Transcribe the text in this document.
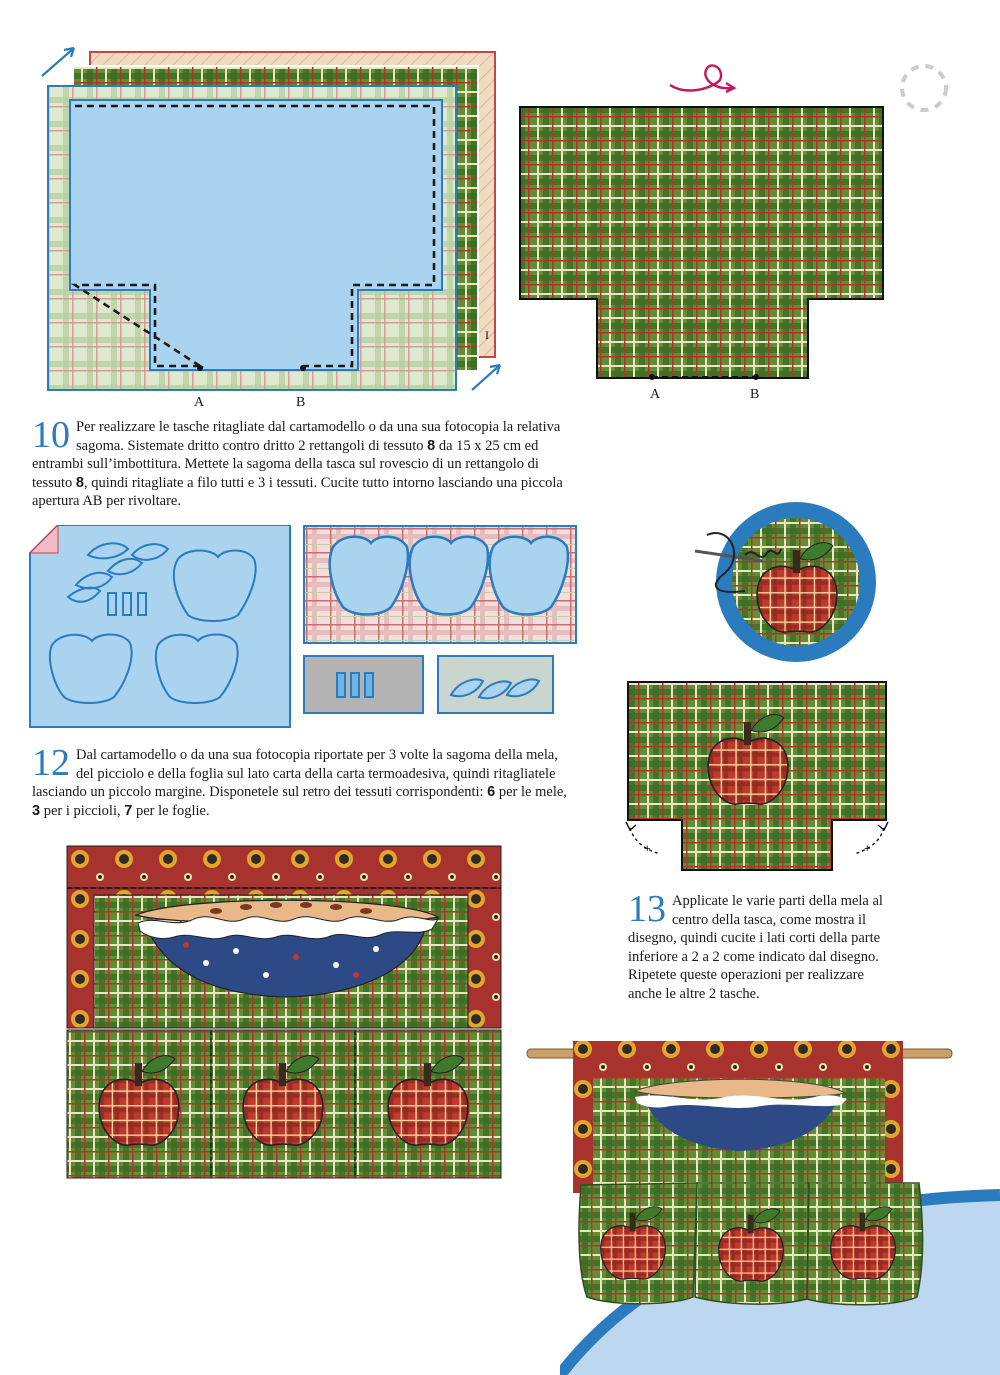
A	B
I
A	B
10 Per realizzare le tasche ritagliate dal cartamodello o da una sua fotocopia la relativa sagoma. Sistemate dritto contro dritto 2 rettangoli di tessuto 8 da 15 x 25 cm ed entrambi sull’imbottitura. Mettete la sagoma della tasca sul rovescio di un rettangolo di tessuto 8, quindi ritagliate a filo tutti e 3 i tessuti. Cucite tutto intorno lasciando una piccola apertura AB per rivoltare.
12 Dal cartamodello o da una sua fotocopia riportate per 3 volte la sagoma della mela, del picciolo e della foglia sul lato carta della carta termoadesiva, quindi ritagliatele lasciando un piccolo margine. Disponetele sul retro dei tessuti corrispondenti: 6 per le mele, 3 per i piccioli, 7 per le foglie.
+	+
13 Applicate le varie parti della mela al centro della tasca, come mostra il disegno, quindi cucite i lati corti della parte inferiore a 2 a 2 come indicato dal disegno. Ripetete queste operazioni per realizzare anche le altre 2 tasche.
